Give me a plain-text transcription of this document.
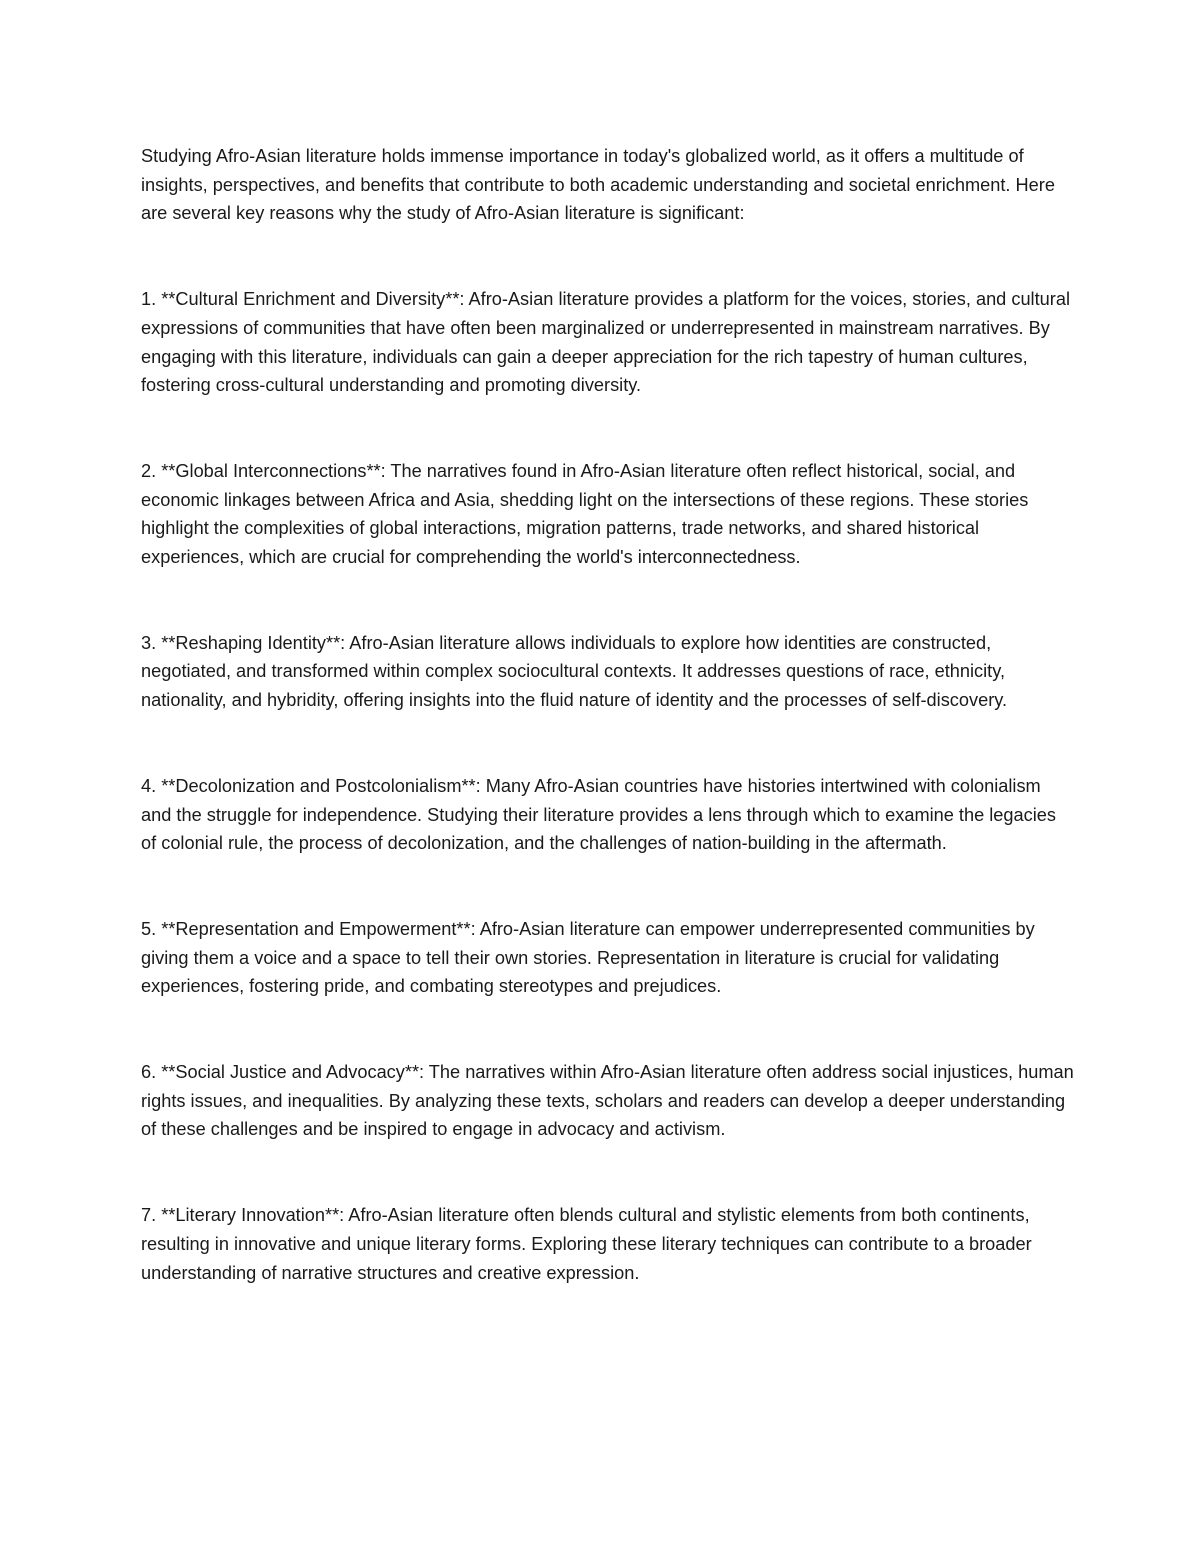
Studying Afro-Asian literature holds immense importance in today's globalized world, as it offers a multitude of insights, perspectives, and benefits that contribute to both academic understanding and societal enrichment. Here are several key reasons why the study of Afro-Asian literature is significant:

1. **Cultural Enrichment and Diversity**: Afro-Asian literature provides a platform for the voices, stories, and cultural expressions of communities that have often been marginalized or underrepresented in mainstream narratives. By engaging with this literature, individuals can gain a deeper appreciation for the rich tapestry of human cultures, fostering cross-cultural understanding and promoting diversity.

2. **Global Interconnections**: The narratives found in Afro-Asian literature often reflect historical, social, and economic linkages between Africa and Asia, shedding light on the intersections of these regions. These stories highlight the complexities of global interactions, migration patterns, trade networks, and shared historical experiences, which are crucial for comprehending the world's interconnectedness.

3. **Reshaping Identity**: Afro-Asian literature allows individuals to explore how identities are constructed, negotiated, and transformed within complex sociocultural contexts. It addresses questions of race, ethnicity, nationality, and hybridity, offering insights into the fluid nature of identity and the processes of self-discovery.

4. **Decolonization and Postcolonialism**: Many Afro-Asian countries have histories intertwined with colonialism and the struggle for independence. Studying their literature provides a lens through which to examine the legacies of colonial rule, the process of decolonization, and the challenges of nation-building in the aftermath.

5. **Representation and Empowerment**: Afro-Asian literature can empower underrepresented communities by giving them a voice and a space to tell their own stories. Representation in literature is crucial for validating experiences, fostering pride, and combating stereotypes and prejudices.

6. **Social Justice and Advocacy**: The narratives within Afro-Asian literature often address social injustices, human rights issues, and inequalities. By analyzing these texts, scholars and readers can develop a deeper understanding of these challenges and be inspired to engage in advocacy and activism.

7. **Literary Innovation**: Afro-Asian literature often blends cultural and stylistic elements from both continents, resulting in innovative and unique literary forms. Exploring these literary techniques can contribute to a broader understanding of narrative structures and creative expression.
